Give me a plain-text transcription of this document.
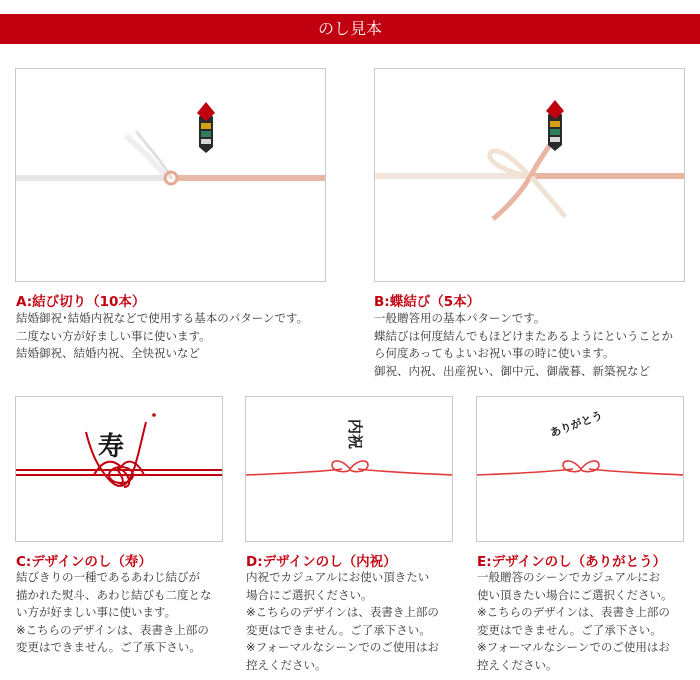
のし見本
A:結び切り（10本）

結婚御祝･結婚内祝などで使用する基本のパターンです。

二度ない方が好ましい事に使います。

結婚御祝、結婚内祝、全快祝いなど

B:蝶結び（5本）

一般贈答用の基本パターンです。

蝶結びは何度結んでもほどけまたあるようにということか

ら何度あってもよいお祝い事の時に使います。

御祝、内祝、出産祝い、御中元、御歳暮、新築祝など

寿
C:デザインのし（寿）

結びきりの一種であるあわじ結びが

描かれた熨斗、あわじ結びも二度とな

い方が好ましい事に使います。

※こちらのデザインは、表書き上部の

変更はできません。ご了承下さい。

内祝
D:デザインのし（内祝）

内祝でカジュアルにお使い頂きたい

場合にご選択ください。

※こちらのデザインは、表書き上部の

変更はできません。ご了承下さい。

※フォーマルなシーンでのご使用はお

控えください。

ありがとう
E:デザインのし（ありがとう）

一般贈答のシーンでカジュアルにお

使い頂きたい場合にご選択ください。

※こちらのデザインは、表書き上部の

変更はできません。ご了承下さい。

※フォーマルなシーンでのご使用はお

控えください。
